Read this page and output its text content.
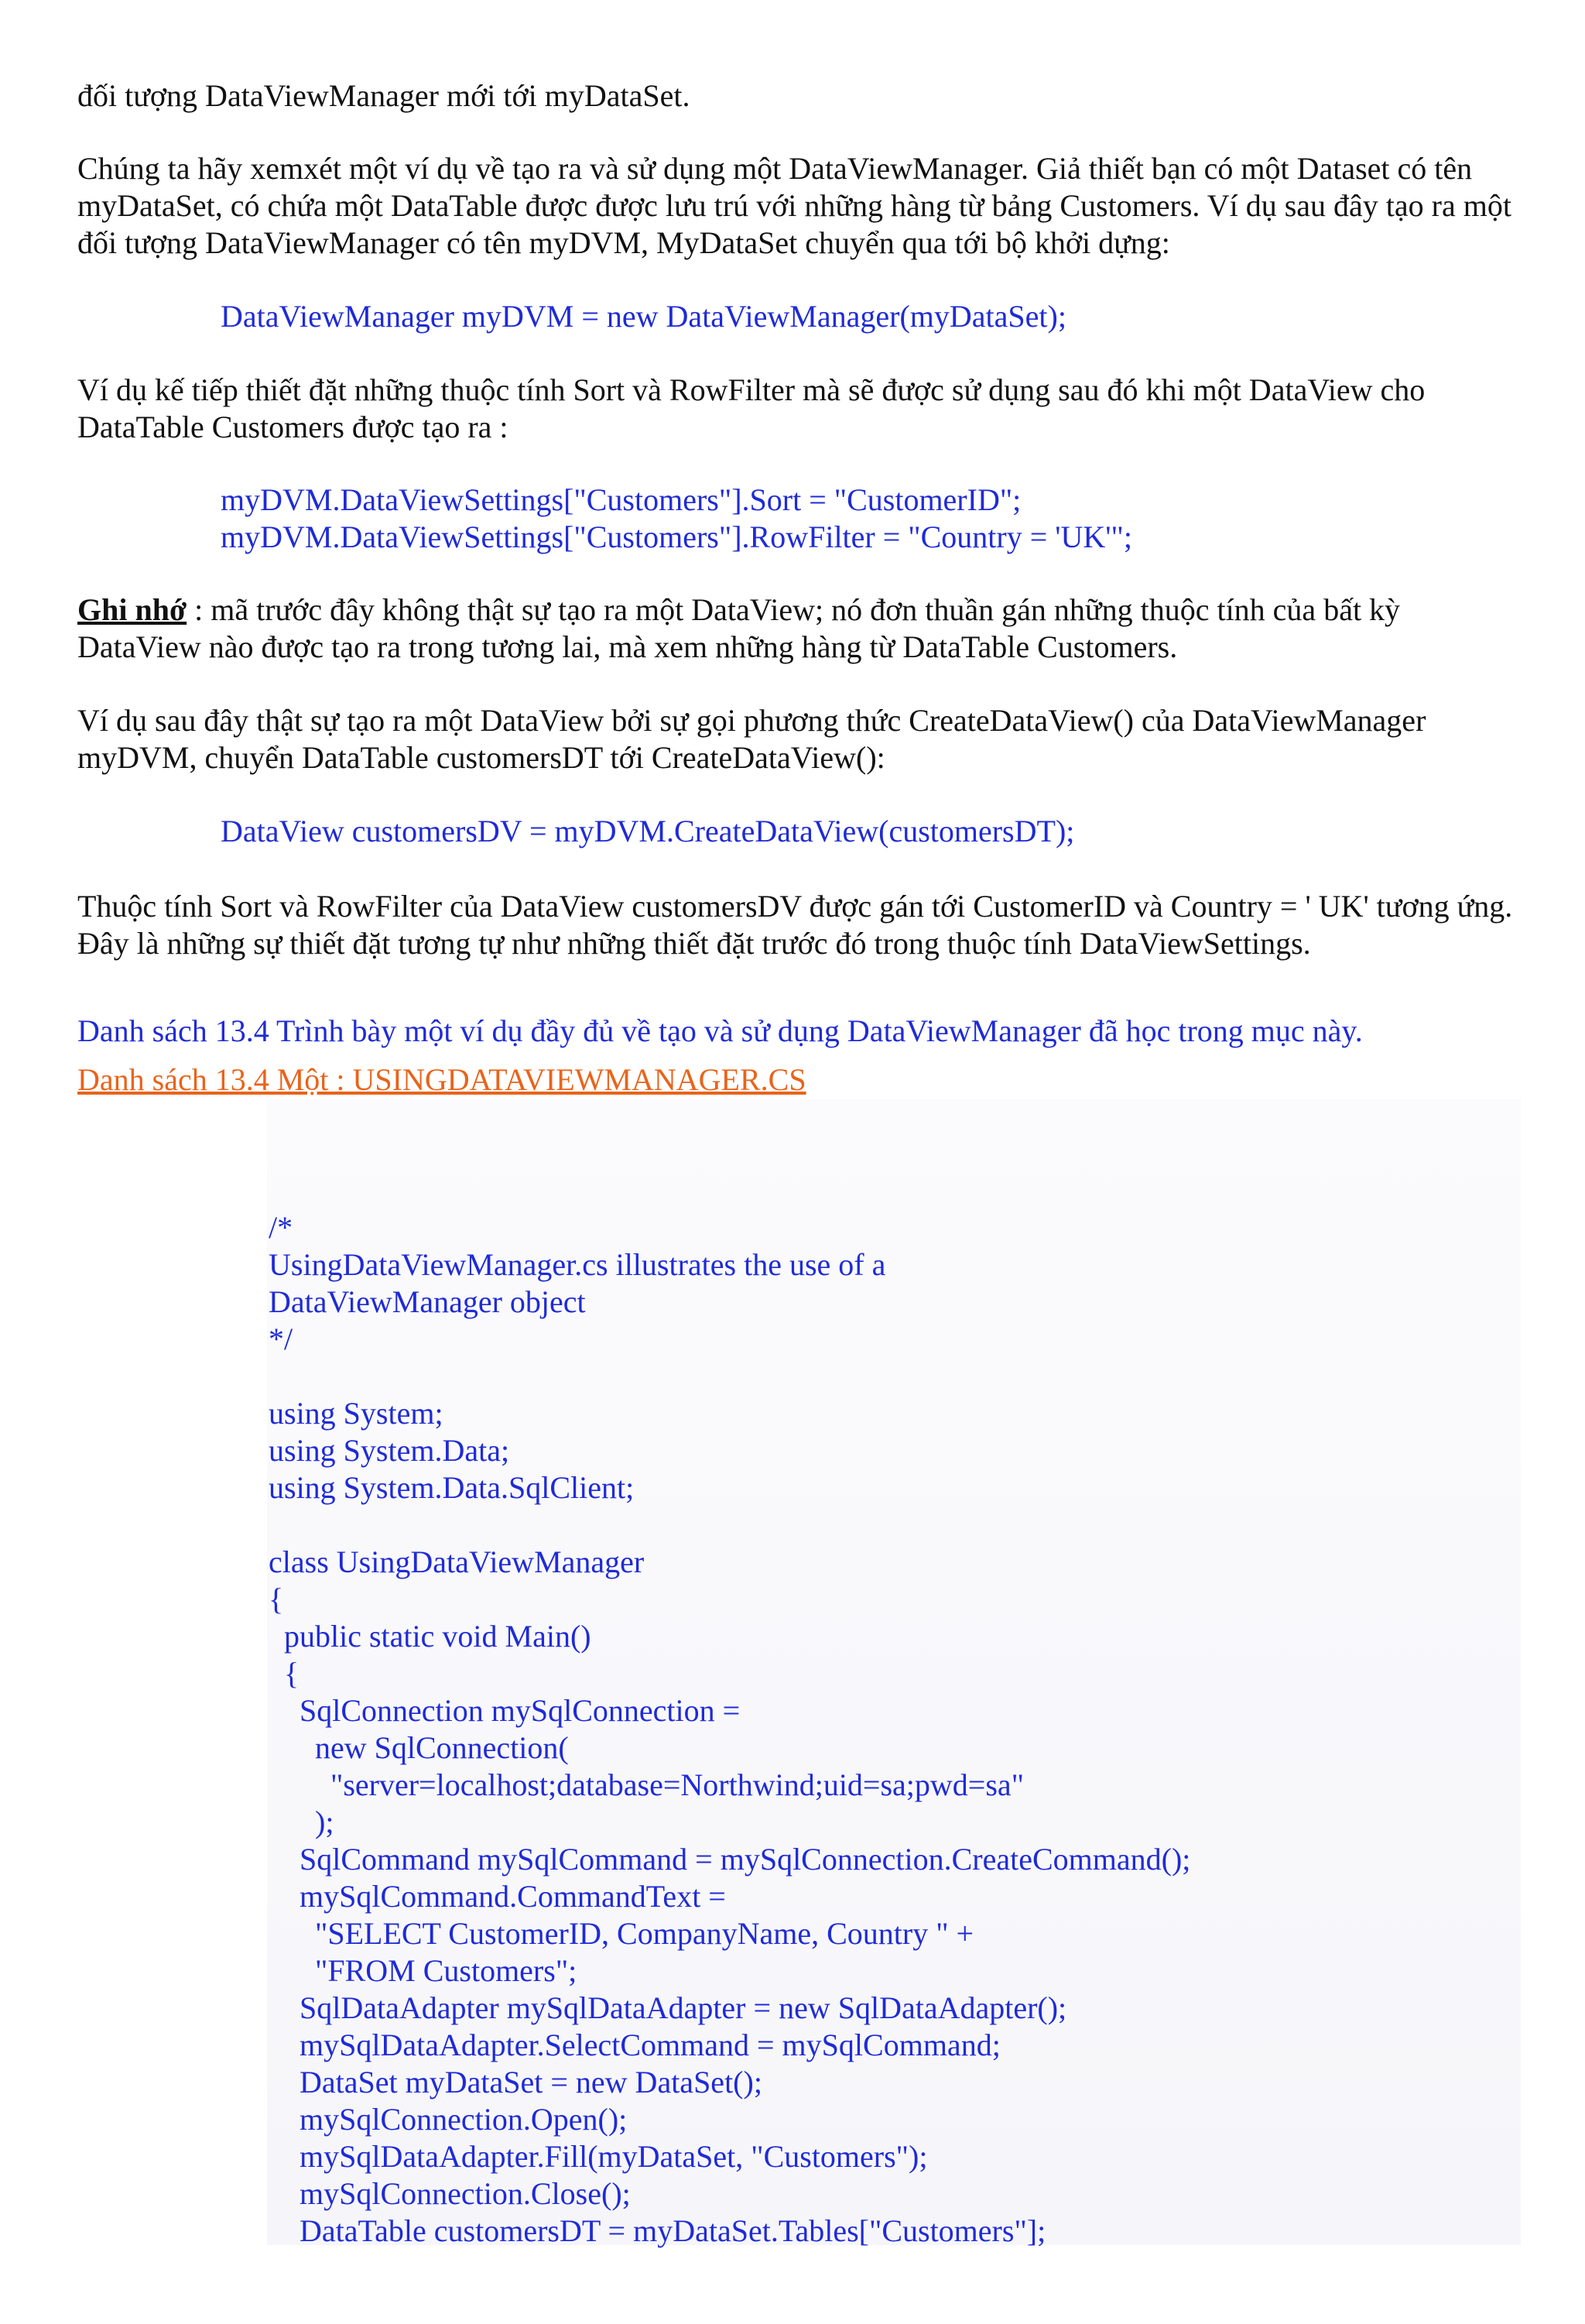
đối tượng DataViewManager mới tới myDataSet.

Chúng ta hãy xemxét một ví dụ về tạo ra và sử dụng một DataViewManager. Giả thiết bạn có một Dataset có tên myDataSet, có chứa một DataTable được được lưu trú với những hàng từ bảng Customers. Ví dụ sau đây tạo ra một đối tượng DataViewManager có tên myDVM, MyDataSet chuyển qua tới bộ khởi dựng:

DataViewManager myDVM = new DataViewManager(myDataSet);

Ví dụ kế tiếp thiết đặt những thuộc tính Sort và RowFilter mà sẽ được sử dụng sau đó khi một DataView cho DataTable Customers được tạo ra :

myDVM.DataViewSettings["Customers"].Sort = "CustomerID";
myDVM.DataViewSettings["Customers"].RowFilter = "Country = 'UK'";

Ghi nhớ : mã trước đây không thật sự tạo ra một DataView; nó đơn thuần gán những thuộc tính của bất kỳ DataView nào được tạo ra trong tương lai, mà xem những hàng từ DataTable Customers.

Ví dụ sau đây thật sự tạo ra một DataView bởi sự gọi phương thức CreateDataView() của DataViewManager myDVM, chuyển DataTable customersDT tới CreateDataView():

DataView customersDV = myDVM.CreateDataView(customersDT);

Thuộc tính Sort và RowFilter của DataView customersDV được gán tới CustomerID và Country = ' UK' tương ứng. Đây là những sự thiết đặt tương tự như những thiết đặt trước đó trong thuộc tính DataViewSettings.

Danh sách 13.4 Trình bày một ví dụ đầy đủ về tạo và sử dụng DataViewManager đã học trong mục này.

Danh sách 13.4 Một : USINGDATAVIEWMANAGER.CS

/*
UsingDataViewManager.cs illustrates the use of a
DataViewManager object
*/
using System;
using System.Data;
using System.Data.SqlClient;
class UsingDataViewManager
{
public static void Main()
{
SqlConnection mySqlConnection =
new SqlConnection(
"server=localhost;database=Northwind;uid=sa;pwd=sa"
);
SqlCommand mySqlCommand = mySqlConnection.CreateCommand();
mySqlCommand.CommandText =
"SELECT CustomerID, CompanyName, Country " +
"FROM Customers";
SqlDataAdapter mySqlDataAdapter = new SqlDataAdapter();
mySqlDataAdapter.SelectCommand = mySqlCommand;
DataSet myDataSet = new DataSet();
mySqlConnection.Open();
mySqlDataAdapter.Fill(myDataSet, "Customers");
mySqlConnection.Close();
DataTable customersDT = myDataSet.Tables["Customers"];
